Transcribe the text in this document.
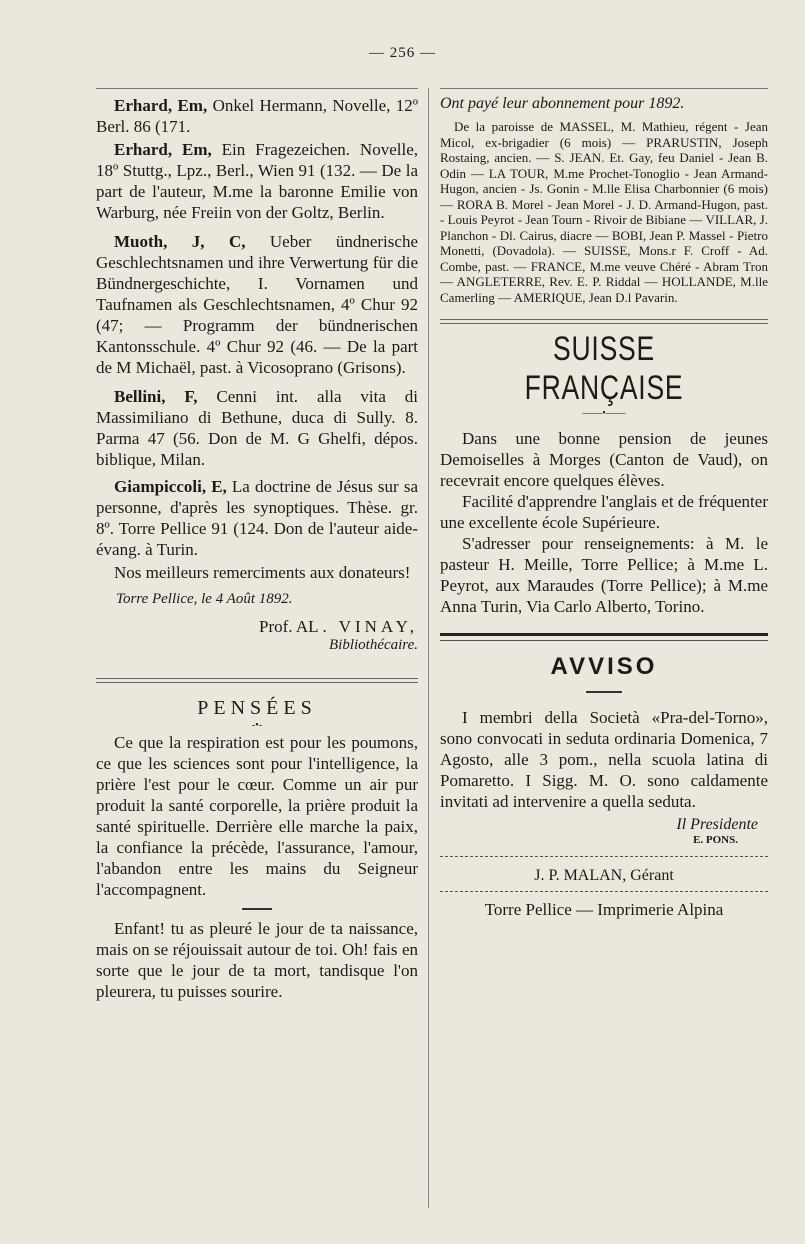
— 256 —

Erhard, Em, Onkel Hermann, Novelle, 12º Berl. 86 (171.

Erhard, Em, Ein Fragezeichen. Novelle, 18º Stuttg., Lpz., Berl., Wien 91 (132. — De la part de l'auteur, M.me la baronne Emilie von Warburg, née Freiin von der Goltz, Berlin.

Muoth, J, C, Ueber ündnerische Geschlechtsnamen und ihre Verwertung für die Bündnergeschichte, I. Vornamen und Taufnamen als Geschlechtsnamen, 4º Chur 92 (47; — Programm der bündnerischen Kantonsschule. 4º Chur 92 (46. — De la part de M Michaël, past. à Vicosoprano (Grisons).

Bellini, F, Cenni int. alla vita di Massimiliano di Bethune, duca di Sully. 8. Parma 47 (56. Don de M. G Ghelfi, dépos. biblique, Milan.

Giampiccoli, E, La doctrine de Jésus sur sa personne, d'après les synoptiques. Thèse. gr. 8º. Torre Pellice 91 (124. Don de l'auteur aide-évang. à Turin.

Nos meilleurs remerciments aux donateurs!

Torre Pellice, le 4 Août 1892.
Prof. AL. VINAY,
Bibliothécaire.
PENSÉES
-•-

Ce que la respiration est pour les poumons, ce que les sciences sont pour l'intelligence, la prière l'est pour le cœur. Comme un air pur produit la santé corporelle, la prière produit la santé spirituelle. Derrière elle marche la paix, la confiance la précède, l'assurance, l'amour, l'abandon entre les mains du Seigneur l'accompagnent.

Enfant! tu as pleuré le jour de ta naissance, mais on se réjouissait autour de toi. Oh! fais en sorte que le jour de ta mort, tandisque l'on pleurera, tu puisses sourire.

Ont payé leur abonnement pour 1892.

De la paroisse de MASSEL, M. Mathieu, régent - Jean Micol, ex-brigadier (6 mois) — PRARUSTIN, Joseph Rostaing, ancien. — S. JEAN. Et. Gay, feu Daniel - Jean B. Odin — LA TOUR, M.me Prochet-Tonoglio - Jean Armand-Hugon, ancien - Js. Gonin - M.lle Elisa Charbonnier (6 mois) — RORA B. Morel - Jean Morel - J. D. Armand-Hugon, past. - Louis Peyrot - Jean Tourn - Rivoir de Bibiane — VILLAR, J. Planchon - Dl. Cairus, diacre — BOBI, Jean P. Massel - Pietro Monetti, (Dovadola). — SUISSE, Mons.r F. Croff - Ad. Combe, past. — FRANCE, M.me veuve Chéré - Abram Tron — ANGLETERRE, Rev. E. P. Riddal — HOLLANDE, M.lle Camerling — AMERIQUE, Jean D.l Pavarin.

SUISSE FRANÇAISE
——•——

Dans une bonne pension de jeunes Demoiselles à Morges (Canton de Vaud), on recevrait encore quelques élèves.

Facilité d'apprendre l'anglais et de fréquenter une excellente école Supérieure.

S'adresser pour renseignements: à M. le pasteur H. Meille, Torre Pellice; à M.me L. Peyrot, aux Maraudes (Torre Pellice); à M.me Anna Turin, Via Carlo Alberto, Torino.

AVVISO

I membri della Società «Pra-del-Torno», sono convocati in seduta ordinaria Domenica, 7 Agosto, alle 3 pom., nella scuola latina di Pomaretto. I Sigg. M. O. sono caldamente invitati ad intervenire a quella seduta.

Il Presidente
E. PONS.
J. P. MALAN, Gérant
Torre Pellice — Imprimerie Alpina
